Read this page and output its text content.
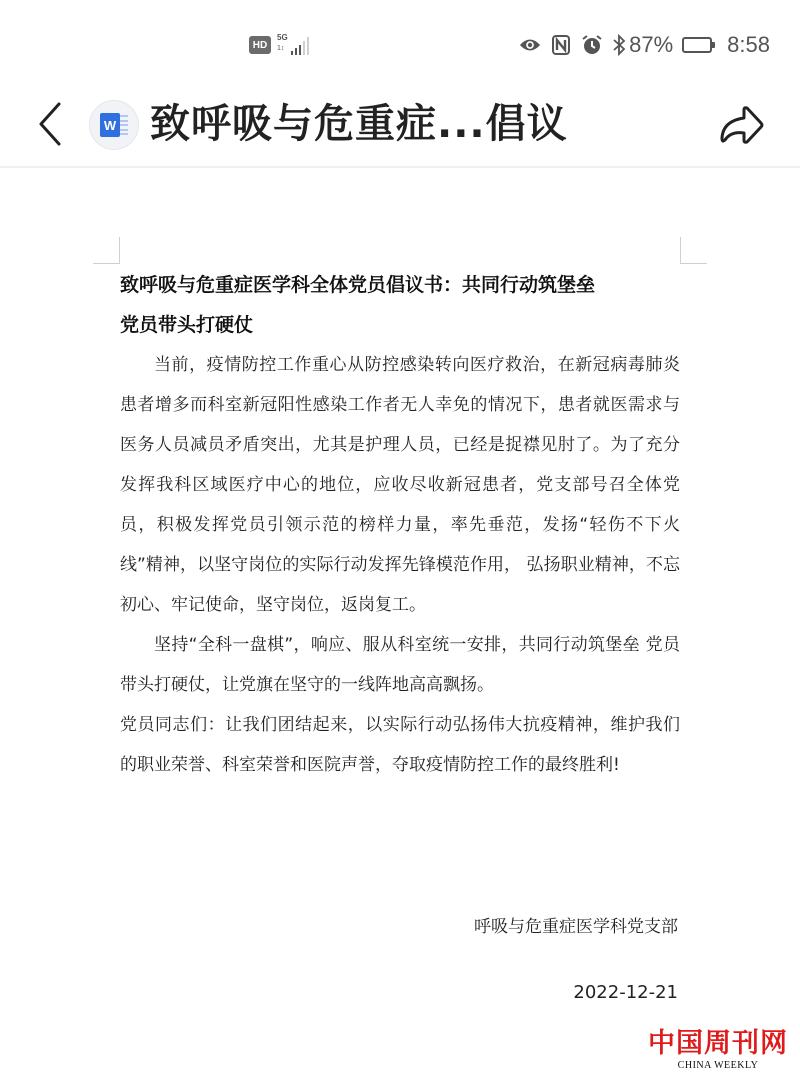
HD
5G
1↕	87% 8:58
W 致呼吸与危重症...倡议
致呼吸与危重症医学科全体党员倡议书：共同行动筑堡垒
党员带头打硬仗

当前，疫情防控工作重心从防控感染转向医疗救治，在新冠病毒肺炎患者增多而科室新冠阳性感染工作者无人幸免的情况下，患者就医需求与医务人员减员矛盾突出，尤其是护理人员，已经是捉襟见肘了。为了充分发挥我科区域医疗中心的地位，应收尽收新冠患者，党支部号召全体党员，积极发挥党员引领示范的榜样力量，率先垂范，发扬“轻伤不下火线”精神，以坚守岗位的实际行动发挥先锋模范作用， 弘扬职业精神，不忘初心、牢记使命，坚守岗位，返岗复工。

坚持“全科一盘棋”，响应、服从科室统一安排，共同行动筑堡垒 党员带头打硬仗，让党旗在坚守的一线阵地高高飘扬。

党员同志们：让我们团结起来，以实际行动弘扬伟大抗疫精神，维护我们的职业荣誉、科室荣誉和医院声誉，夺取疫情防控工作的最终胜利!

呼吸与危重症医学科党支部
2022-12-21
中国周刊网
CHINA WEEKLY
